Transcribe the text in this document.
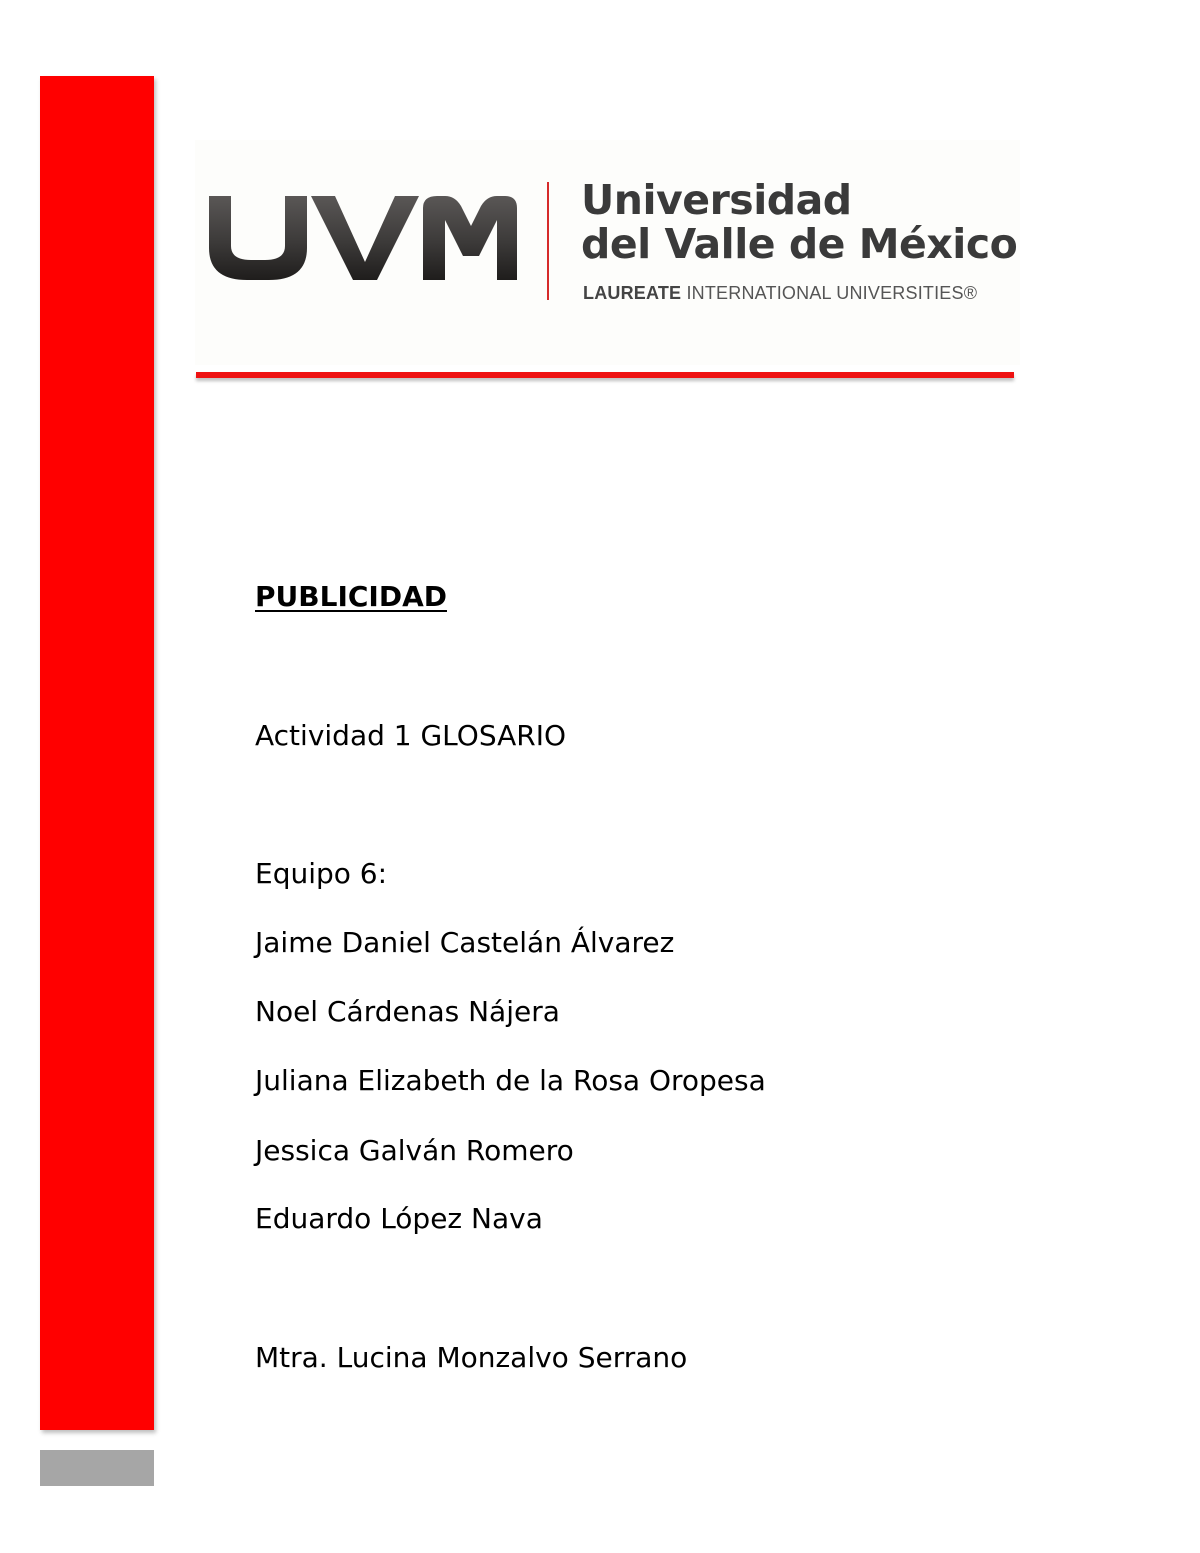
Universidad
del Valle de México
LAUREATE INTERNATIONAL UNIVERSITIES®
PUBLICIDAD
Actividad 1 GLOSARIO
Equipo 6:
Jaime Daniel Castelán Álvarez
Noel Cárdenas Nájera
Juliana Elizabeth de la Rosa Oropesa
Jessica Galván Romero
Eduardo López Nava
Mtra. Lucina Monzalvo Serrano
